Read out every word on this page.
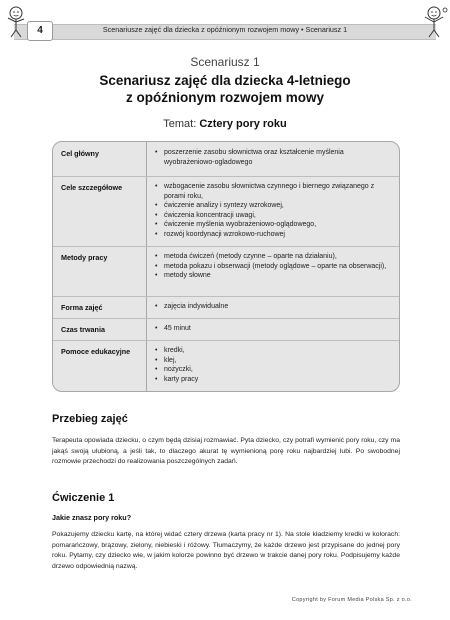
4	Scenariusze zajęć dla dziecka z opóźnionym rozwojem mowy • Scenariusz 1
Scenariusz 1
Scenariusz zajęć dla dziecka 4-letniego
z opóźnionym rozwojem mowy
Temat: Cztery pory roku
Cel główny	• poszerzenie zasobu słownictwa oraz kształcenie myślenia wyobrażeniowo-ogladowego
Cele szczegółowe	• wzbogacenie zasobu słownictwa czynnego i biernego związanego z porami roku,
• ćwiczenie analizy i syntezy wzrokowej,
• ćwiczenia koncentracji uwagi,
• ćwiczenie myślenia wyobrażeniowo-oglądowego,
• rozwój koordynacji wzrokowo-ruchowej
Metody pracy	• metoda ćwiczeń (metody czynne – oparte na działaniu),
• metoda pokazu i obserwacji (metody oglądowe – oparte na obserwacji),
• metody słowne
Forma zajęć	• zajęcia indywidualne
Czas trwania	• 45 minut
Pomoce edukacyjne	• kredki,
• klej,
• nożyczki,
• karty pracy
Przebieg zajęć

Terapeuta opowiada dziecku, o czym będą dzisiaj rozmawiać. Pyta dziecko, czy potrafi wymienić pory roku, czy ma jakąś swoją ulubioną, a jeśli tak, to dlaczego akurat tę wymienioną porę roku najbardziej lubi. Po swobodnej rozmowie przechodzi do realizowania poszczególnych zadań.

Ćwiczenie 1
Jakie znasz pory roku?

Pokazujemy dziecku kartę, na której widać cztery drzewa (karta pracy nr 1). Na stole kładziemy kredki w kolorach: pomarańczowy, brązowy, zielony, niebieski i różowy. Tłumaczymy, że każde drzewo jest przypisane do jednej pory roku. Pytamy, czy dziecko wie, w jakim kolorze powinno być drzewo w trakcie danej pory roku. Podpisujemy każde drzewo odpowiednią nazwą.

Copyright by Forum Media Polska Sp. z o.o.
